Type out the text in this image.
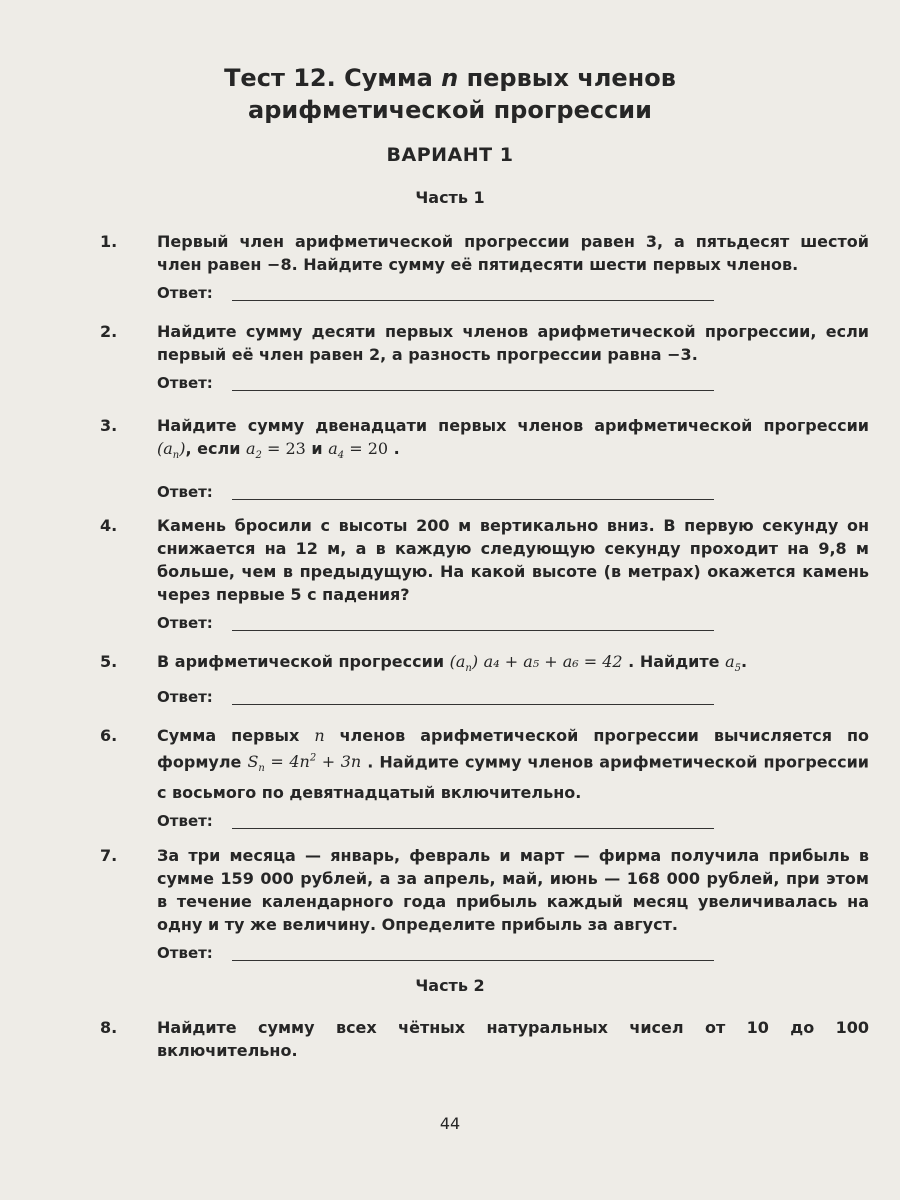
Тест 12. Сумма n первых членов
арифметической прогрессии
ВАРИАНТ 1
Часть 1
1.	Первый член арифметической прогрессии равен 3, а пятьдесят шестой член равен −8. Найдите сумму её пятидесяти шести первых членов.
Ответ:
2.	Найдите сумму десяти первых членов арифметической прогрессии, если первый её член равен 2, а разность прогрессии равна −3.
Ответ:
3.	Найдите сумму двенадцати первых членов арифметической прогрессии $(a_n)$, если $a_2 = 23$ и $a_4 = 20$ .
Ответ:
4.	Камень бросили с высоты 200 м вертикально вниз. В первую секунду он снижается на 12 м, а в каждую следующую секунду проходит на 9,8 м больше, чем в предыдущую. На какой высоте (в метрах) окажется камень через первые 5 с падения?
Ответ:
5.	В арифметической прогрессии $(a_n) a_4 + a_5 + a_6 = 42$ . Найдите $a_5$.
Ответ:
6.	Сумма первых n членов арифметической прогрессии вычисляется по формуле $S_n = 4n^2 + 3n$ . Найдите сумму членов арифметической прогрессии с восьмого по девятнадцатый включительно.
Ответ:
7.	За три месяца — январь, февраль и март — фирма получила прибыль в сумме 159 000 рублей, а за апрель, май, июнь — 168 000 рублей, при этом в течение календарного года прибыль каждый месяц увеличивалась на одну и ту же величину. Определите прибыль за август.
Ответ:
Часть 2
8.	Найдите сумму всех чётных натуральных чисел от 10 до 100 включительно.
44
